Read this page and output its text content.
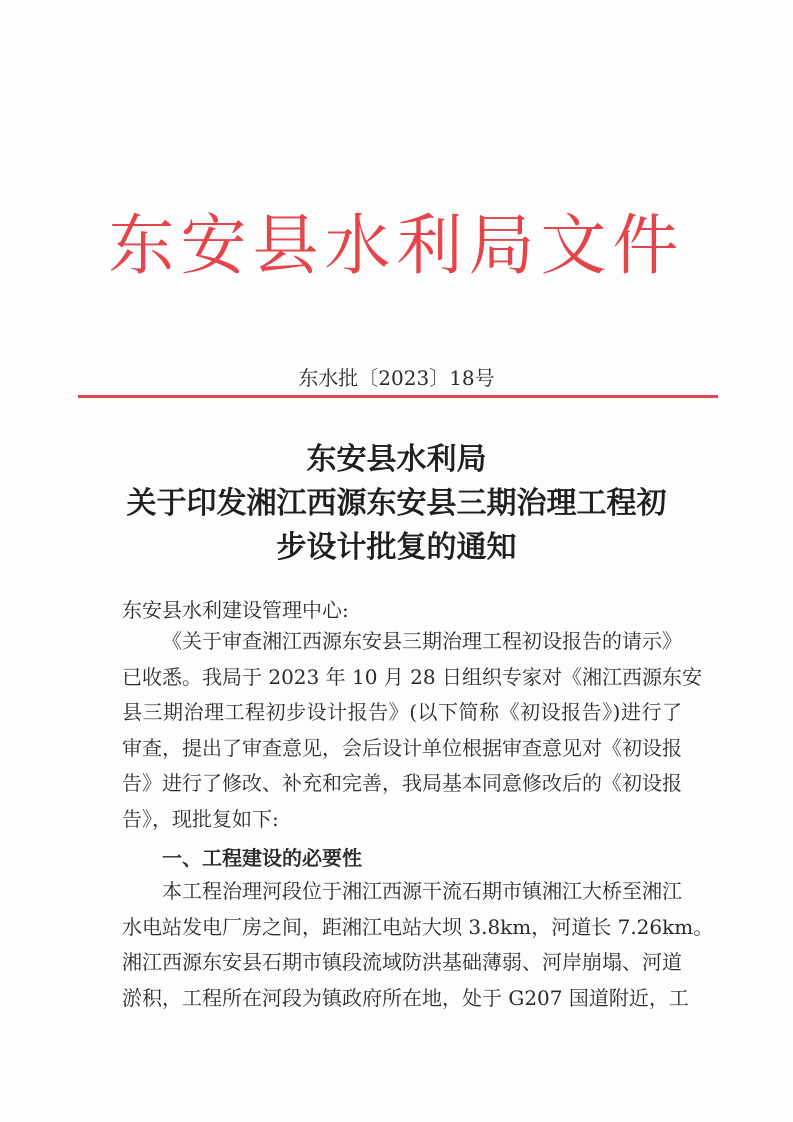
东安县水利局文件
东水批〔2023〕18号
东安县水利局
关于印发湘江西源东安县三期治理工程初
步设计批复的通知
东安县水利建设管理中心:
《关于审查湘江西源东安县三期治理工程初设报告的请示》
已收悉。我局于 2023 年 10 月 28 日组织专家对《湘江西源东安
县三期治理工程初步设计报告》(以下简称《初设报告》)进行了
审查，提出了审查意见，会后设计单位根据审查意见对《初设报
告》进行了修改、补充和完善，我局基本同意修改后的《初设报
告》，现批复如下:
一、工程建设的必要性
本工程治理河段位于湘江西源干流石期市镇湘江大桥至湘江
水电站发电厂房之间，距湘江电站大坝 3.8km，河道长 7.26km。
湘江西源东安县石期市镇段流域防洪基础薄弱、河岸崩塌、河道
淤积，工程所在河段为镇政府所在地，处于 G207 国道附近，工
